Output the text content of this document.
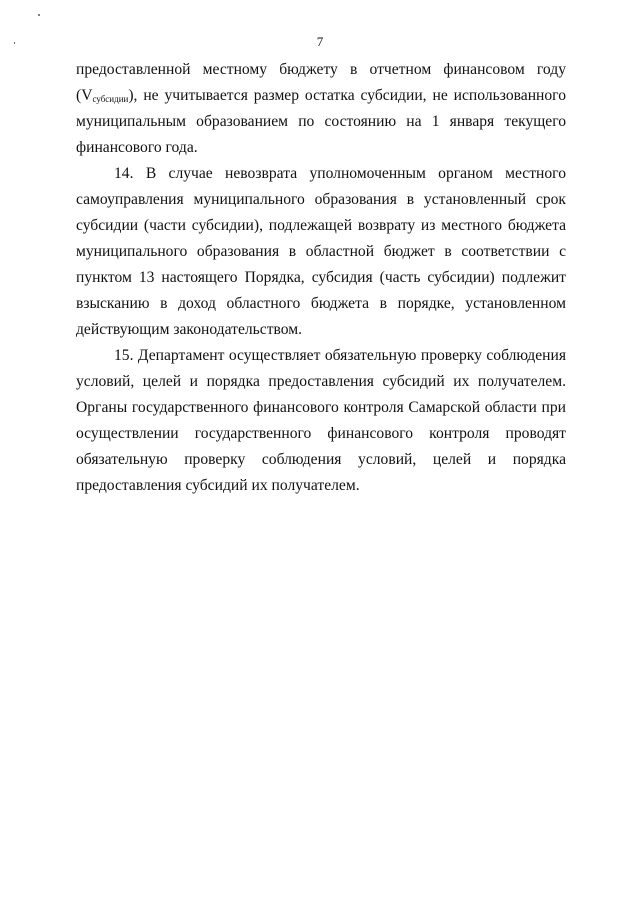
7

предоставленной местному бюджету в отчетном финансовом году
$(V_{субсидии})$, не учитывается размер остатка субсидии, не использованного
муниципальным образованием по состоянию на 1 января текущего
финансового года.

14. В случае невозврата уполномоченным органом местного
самоуправления муниципального образования в установленный срок
субсидии (части субсидии), подлежащей возврату из местного бюджета
муниципального образования в областной бюджет в соответствии с
пунктом 13 настоящего Порядка, субсидия (часть субсидии) подлежит
взысканию в доход областного бюджета в порядке, установленном
действующим законодательством.

15. Департамент осуществляет обязательную проверку соблюдения
условий, целей и порядка предоставления субсидий их получателем.
Органы государственного финансового контроля Самарской области при
осуществлении государственного финансового контроля проводят
обязательную проверку соблюдения условий, целей и порядка
предоставления субсидий их получателем.
